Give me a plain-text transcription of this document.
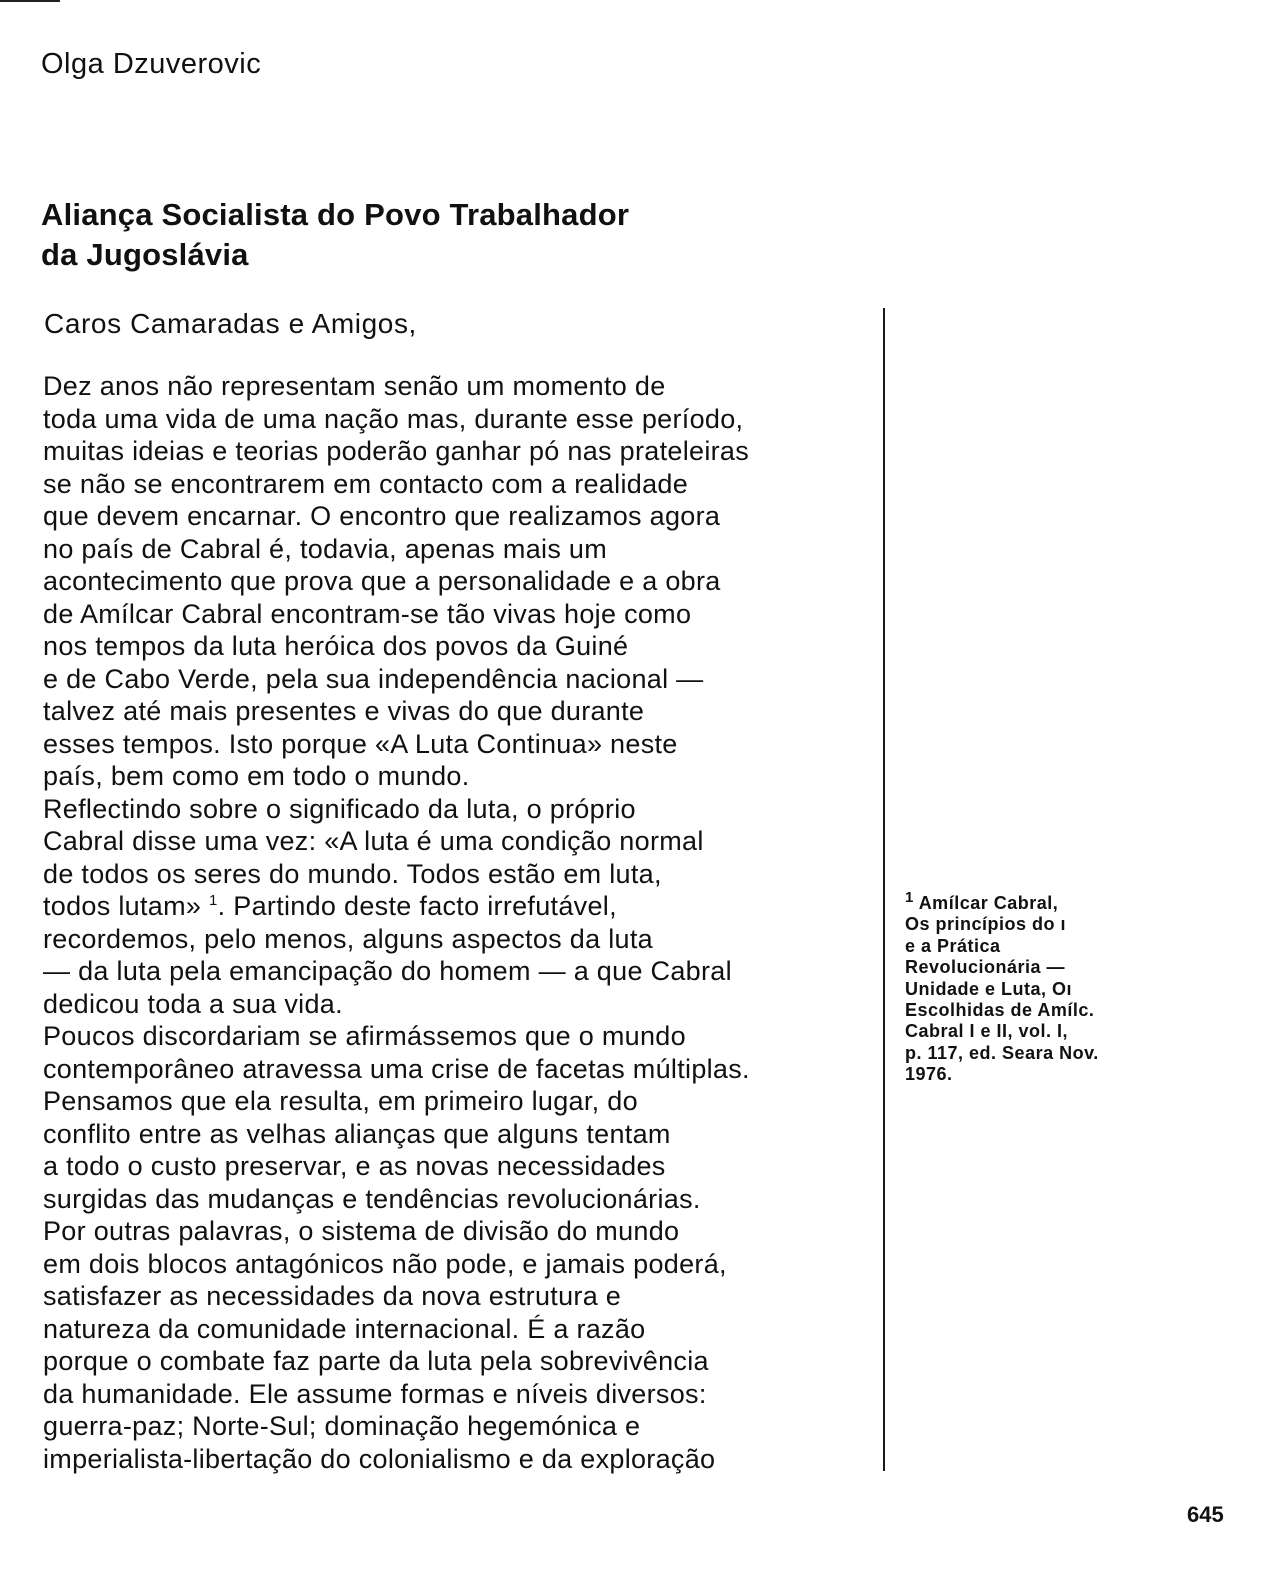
Olga Dzuverovic
Aliança Socialista do Povo Trabalhador
da Jugoslávia
Caros Camaradas e Amigos,
Dez anos não representam senão um momento de
toda uma vida de uma nação mas, durante esse período,
muitas ideias e teorias poderão ganhar pó nas prateleiras
se não se encontrarem em contacto com a realidade
que devem encarnar. O encontro que realizamos agora
no país de Cabral é, todavia, apenas mais um
acontecimento que prova que a personalidade e a obra
de Amílcar Cabral encontram-se tão vivas hoje como
nos tempos da luta heróica dos povos da Guiné
e de Cabo Verde, pela sua independência nacional —
talvez até mais presentes e vivas do que durante
esses tempos. Isto porque «A Luta Continua» neste
país, bem como em todo o mundo.
Reflectindo sobre o significado da luta, o próprio
Cabral disse uma vez: «A luta é uma condição normal
de todos os seres do mundo. Todos estão em luta,
todos lutam» $^1$. Partindo deste facto irrefutável,
recordemos, pelo menos, alguns aspectos da luta
— da luta pela emancipação do homem — a que Cabral
dedicou toda a sua vida.
Poucos discordariam se afirmássemos que o mundo
contemporâneo atravessa uma crise de facetas múltiplas.
Pensamos que ela resulta, em primeiro lugar, do
conflito entre as velhas alianças que alguns tentam
a todo o custo preservar, e as novas necessidades
surgidas das mudanças e tendências revolucionárias.
Por outras palavras, o sistema de divisão do mundo
em dois blocos antagónicos não pode, e jamais poderá,
satisfazer as necessidades da nova estrutura e
natureza da comunidade internacional. É a razão
porque o combate faz parte da luta pela sobrevivência
da humanidade. Ele assume formas e níveis diversos:
guerra-paz; Norte-Sul; dominação hegemónica e
imperialista-libertação do colonialismo e da exploração
$^1$ Amílcar Cabral,
Os princípios do ı
e a Prática
Revolucionária —
Unidade e Luta, Oı
Escolhidas de Amílc.
Cabral I e II, vol. I,
p. 117, ed. Seara Nov.
1976.
645
